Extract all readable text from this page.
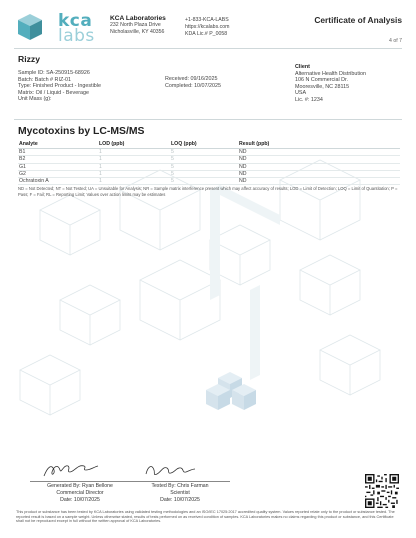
kca
labs
KCA Laboratories
232 North Plaza Drive
Nicholasville, KY 40356
+1-833-KCA-LABS
https://kcalabs.com
KDA Lic.# P_0058
Certificate of Analysis
4 of 7
Rizzy
Sample ID: SA-250915-68926
Batch: Batch # RIZ-01
Type: Finished Product - Ingestible
Matrix: Oil / Liquid - Beverage
Unit Mass (g):
Received: 09/16/2025
Completed: 10/07/2025
Client
Alternative Health Distribution
106 N Commercial Dr.
Mooresville, NC 28115
USA
Lic. #: 1234
Mycotoxins by LC-MS/MS
Analyte	LOD (ppb)	LOQ (ppb)	Result (ppb)
B1	1	5	ND
B2	1	5	ND
G1	1	5	ND
G2	1	5	ND
Ochratoxin A	1	5	ND
ND = Not Detected; NT = Not Tested; UA = Unsuitable for Analysis; NR = Sample matrix interference present which may affect accuracy of results; LOD = Limit of Detection; LOQ = Limit of Quantitation; P = Pass; F = Fail; RL = Reporting Limit; Values over action limits may be estimates
Generated By: Ryan Bellone
Commercial Director
Date: 10/07/2025
Tested By: Chris Farman
Scientist
Date: 10/07/2025
This product or substance has been tested by KCA Laboratories using validated testing methodologies and an ISO/IEC 17025:2017 accredited quality system. Values reported relate only to the product or substance tested. The reported result is based on a sample weight. Unless otherwise stated, results of tests performed on as received condition of samples. KCA Laboratories makes no claims regarding this product or substance, and this Certificate shall not be reproduced except in full without the written approval of KCA Laboratories.
